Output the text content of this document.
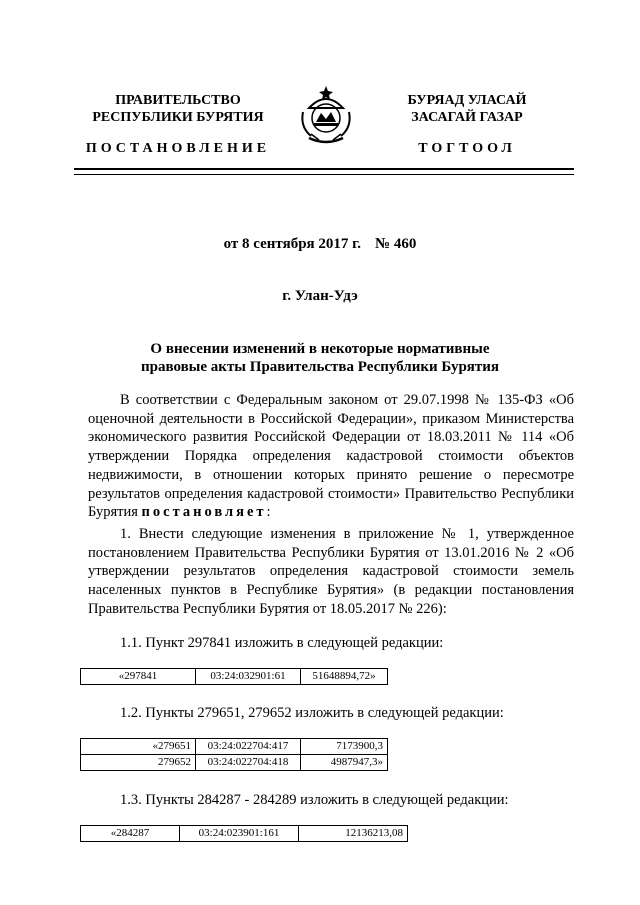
ПРАВИТЕЛЬСТВО
РЕСПУБЛИКИ БУРЯТИЯ
БУРЯАД УЛАСАЙ
ЗАСАГАЙ ГАЗАР
ПОСТАНОВЛЕНИЕ	ТОГТООЛ
от 8 сентября 2017 г. № 460
г. Улан-Удэ
О внесении изменений в некоторые нормативные
правовые акты Правительства Республики Бурятия
В соответствии с Федеральным законом от 29.07.1998 № 135-ФЗ «Об оценочной деятельности в Российской Федерации», приказом Министерства экономического развития Российской Федерации от 18.03.2011 № 114 «Об утверждении Порядка определения кадастровой стоимости объектов недвижимости, в отношении которых принято решение о пересмотре результатов определения кадастровой стоимости» Правительство Республики Бурятия постановляет:
1. Внести следующие изменения в приложение № 1, утвержденное постановлением Правительства Республики Бурятия от 13.01.2016 № 2 «Об утверждении результатов определения кадастровой стоимости земель населенных пунктов в Республике Бурятия» (в редакции постановления Правительства Республики Бурятия от 18.05.2017 № 226):
1.1. Пункт 297841 изложить в следующей редакции:
«297841	03:24:032901:61	51648894,72»
1.2. Пункты 279651, 279652 изложить в следующей редакции:
«279651	03:24:022704:417	7173900,3
279652	03:24:022704:418	4987947,3»
1.3. Пункты 284287 - 284289 изложить в следующей редакции:
«284287	03:24:023901:161	12136213,08
